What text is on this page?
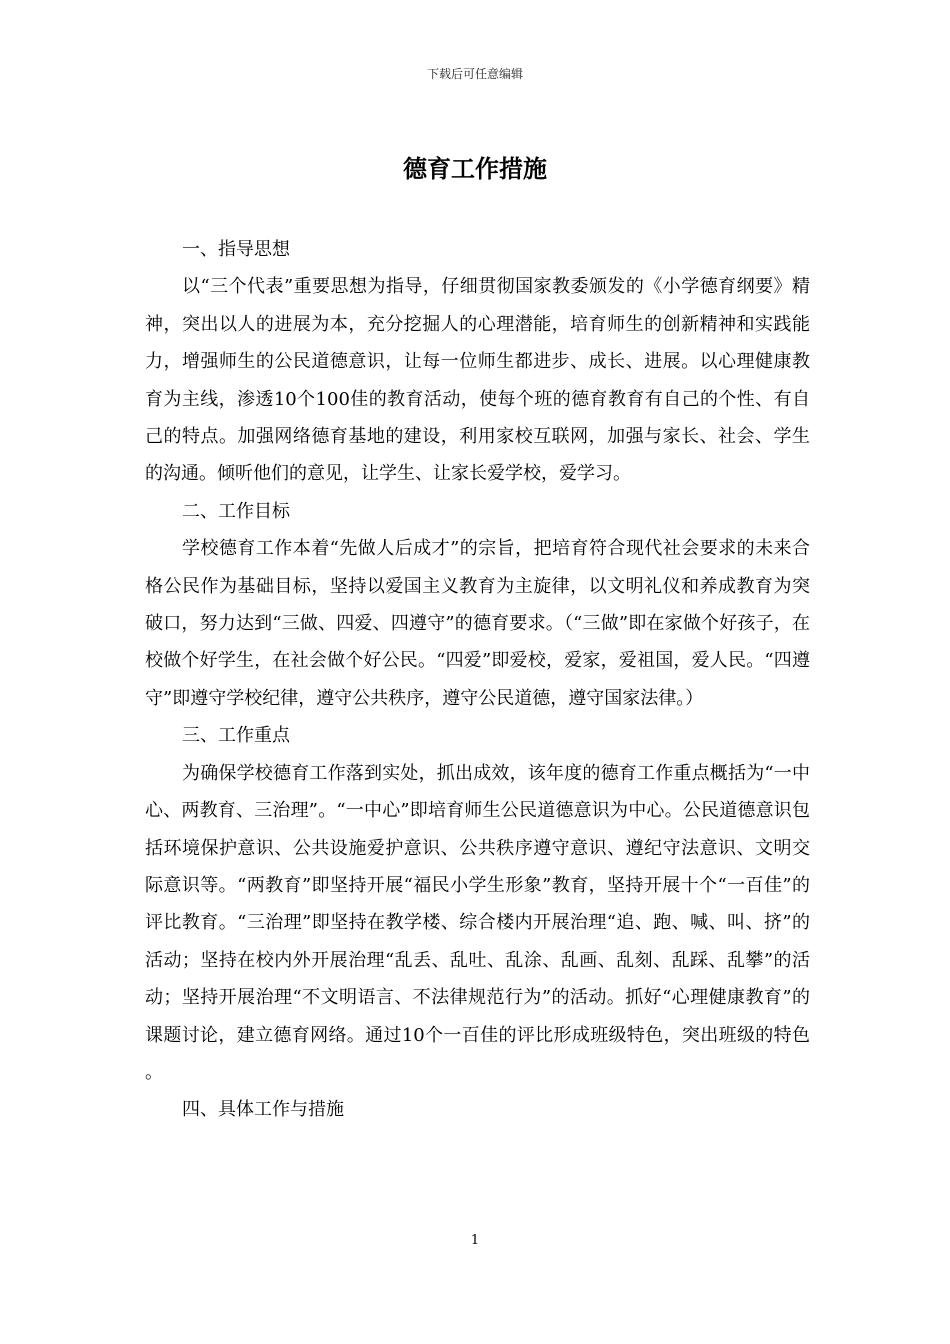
下载后可任意编辑
德育工作措施

一、指导思想

以“三个代表”重要思想为指导，仔细贯彻国家教委颁发的《小学德育纲要》精神，突出以人的进展为本，充分挖掘人的心理潜能，培育师生的创新精神和实践能力，增强师生的公民道德意识，让每一位师生都进步、成长、进展。以心理健康教育为主线，渗透10个100佳的教育活动，使每个班的德育教育有自己的个性、有自己的特点。加强网络德育基地的建设，利用家校互联网，加强与家长、社会、学生的沟通。倾听他们的意见，让学生、让家长爱学校，爱学习。

二、工作目标

学校德育工作本着“先做人后成才”的宗旨，把培育符合现代社会要求的未来合格公民作为基础目标，坚持以爱国主义教育为主旋律，以文明礼仪和养成教育为突破口，努力达到“三做、四爱、四遵守”的德育要求。（“三做”即在家做个好孩子，在校做个好学生，在社会做个好公民。“四爱”即爱校，爱家，爱祖国，爱人民。“四遵守”即遵守学校纪律，遵守公共秩序，遵守公民道德，遵守国家法律。）

三、工作重点

为确保学校德育工作落到实处，抓出成效，该年度的德育工作重点概括为“一中心、两教育、三治理”。“一中心”即培育师生公民道德意识为中心。公民道德意识包括环境保护意识、公共设施爱护意识、公共秩序遵守意识、遵纪守法意识、文明交际意识等。“两教育”即坚持开展“福民小学生形象”教育，坚持开展十个“一百佳”的评比教育。“三治理”即坚持在教学楼、综合楼内开展治理“追、跑、喊、叫、挤”的活动；坚持在校内外开展治理“乱丢、乱吐、乱涂、乱画、乱刻、乱踩、乱攀”的活动；坚持开展治理“不文明语言、不法律规范行为”的活动。抓好“心理健康教育”的课题讨论，建立德育网络。通过10个一百佳的评比形成班级特色，突出班级的特色。

四、具体工作与措施

1
